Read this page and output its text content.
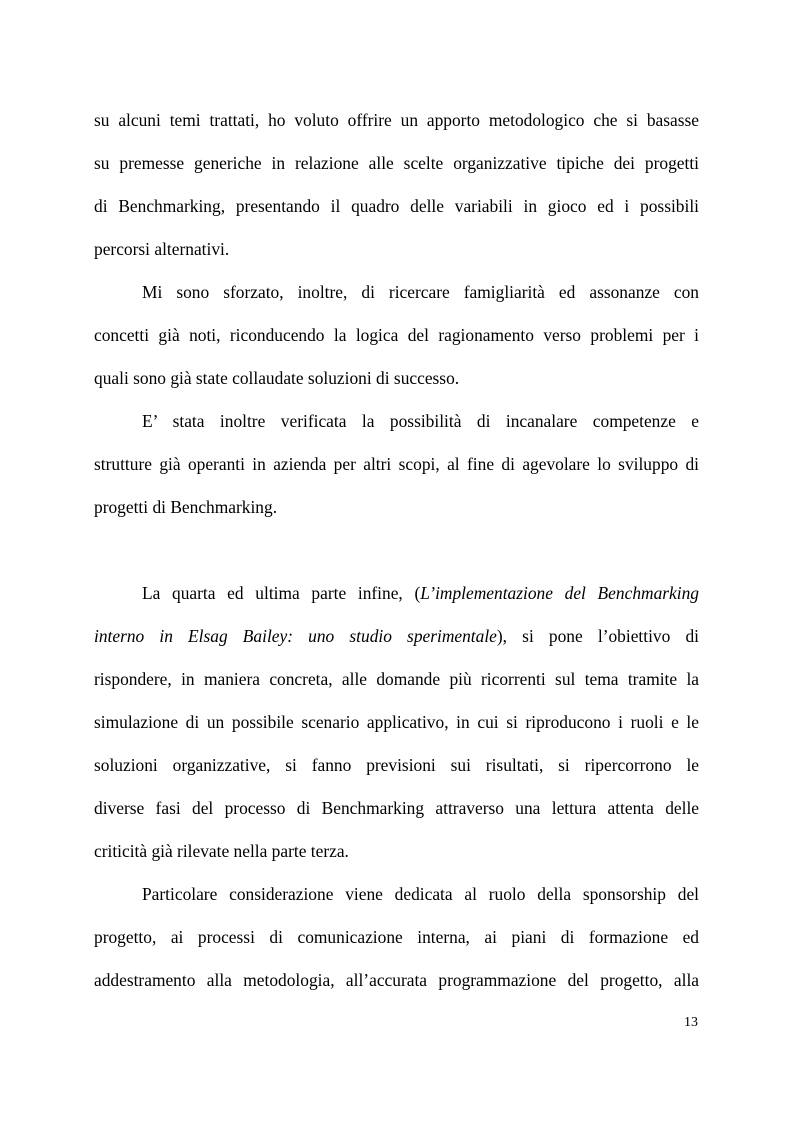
su alcuni temi trattati, ho voluto offrire un apporto metodologico che si basasse
su premesse generiche in relazione alle scelte organizzative tipiche dei progetti
di Benchmarking, presentando il quadro delle variabili in gioco ed i possibili
percorsi alternativi.

Mi sono sforzato, inoltre, di ricercare famigliarità ed assonanze con
concetti già noti, riconducendo la logica del ragionamento verso problemi per i
quali sono già state collaudate soluzioni di successo.

E’ stata inoltre verificata la possibilità di incanalare competenze e
strutture già operanti in azienda per altri scopi, al fine di agevolare lo sviluppo di
progetti di Benchmarking.

La quarta ed ultima parte infine, (L’implementazione del Benchmarking
interno in Elsag Bailey: uno studio sperimentale), si pone l’obiettivo di
rispondere, in maniera concreta, alle domande più ricorrenti sul tema tramite la
simulazione di un possibile scenario applicativo, in cui si riproducono i ruoli e le
soluzioni organizzative, si fanno previsioni sui risultati, si ripercorrono le
diverse fasi del processo di Benchmarking attraverso una lettura attenta delle
criticità già rilevate nella parte terza.

Particolare considerazione viene dedicata al ruolo della sponsorship del
progetto, ai processi di comunicazione interna, ai piani di formazione ed
addestramento alla metodologia, all’accurata programmazione del progetto, alla

13
